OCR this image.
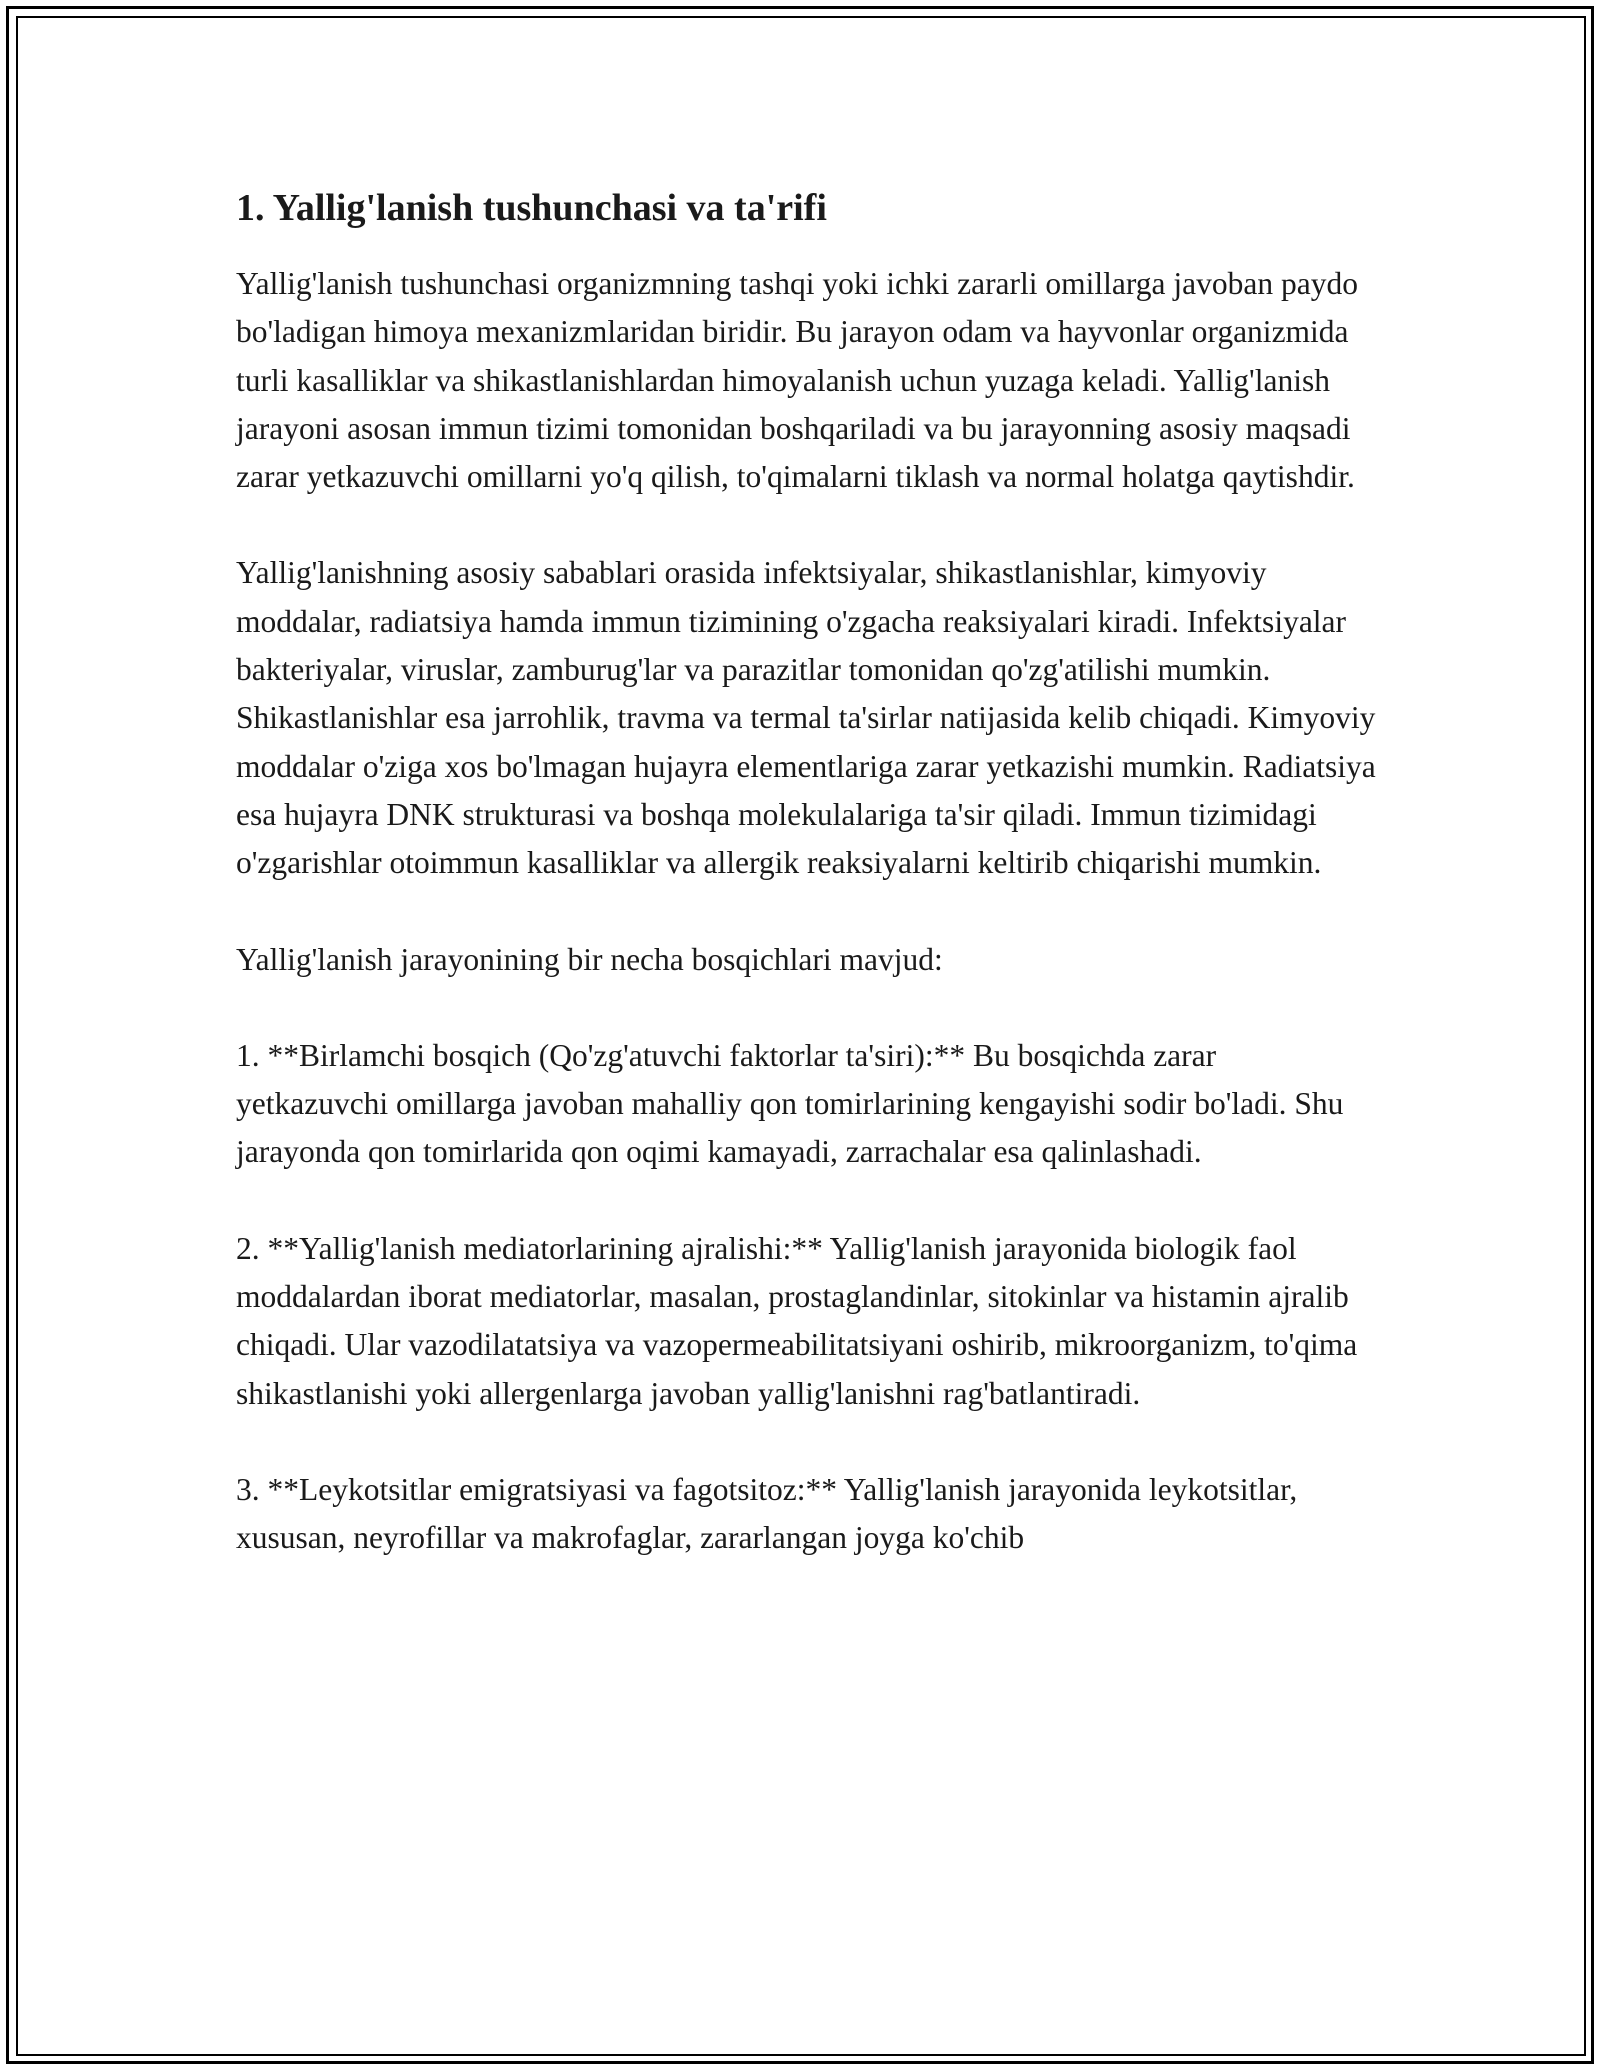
1. Yallig'lanish tushunchasi va ta'rifi

Yallig'lanish tushunchasi organizmning tashqi yoki ichki zararli omillarga javoban paydo bo'ladigan himoya mexanizmlaridan biridir. Bu jarayon odam va hayvonlar organizmida turli kasalliklar va shikastlanishlardan himoyalanish uchun yuzaga keladi. Yallig'lanish jarayoni asosan immun tizimi tomonidan boshqariladi va bu jarayonning asosiy maqsadi zarar yetkazuvchi omillarni yo'q qilish, to'qimalarni tiklash va normal holatga qaytishdir.

Yallig'lanishning asosiy sabablari orasida infektsiyalar, shikastlanishlar, kimyoviy moddalar, radiatsiya hamda immun tizimining o'zgacha reaksiyalari kiradi. Infektsiyalar bakteriyalar, viruslar, zamburug'lar va parazitlar tomonidan qo'zg'atilishi mumkin. Shikastlanishlar esa jarrohlik, travma va termal ta'sirlar natijasida kelib chiqadi. Kimyoviy moddalar o'ziga xos bo'lmagan hujayra elementlariga zarar yetkazishi mumkin. Radiatsiya esa hujayra DNK strukturasi va boshqa molekulalariga ta'sir qiladi. Immun tizimidagi o'zgarishlar otoimmun kasalliklar va allergik reaksiyalarni keltirib chiqarishi mumkin.

Yallig'lanish jarayonining bir necha bosqichlari mavjud:

1. **Birlamchi bosqich (Qo'zg'atuvchi faktorlar ta'siri):** Bu bosqichda zarar yetkazuvchi omillarga javoban mahalliy qon tomirlarining kengayishi sodir bo'ladi. Shu jarayonda qon tomirlarida qon oqimi kamayadi, zarrachalar esa qalinlashadi.

2. **Yallig'lanish mediatorlarining ajralishi:** Yallig'lanish jarayonida biologik faol moddalardan iborat mediatorlar, masalan, prostaglandinlar, sitokinlar va histamin ajralib chiqadi. Ular vazodilatatsiya va vazopermeabilitatsiyani oshirib, mikroorganizm, to'qima shikastlanishi yoki allergenlarga javoban yallig'lanishni rag'batlantiradi.

3. **Leykotsitlar emigratsiyasi va fagotsitoz:** Yallig'lanish jarayonida leykotsitlar, xususan, neyrofillar va makrofaglar, zararlangan joyga ko'chib
